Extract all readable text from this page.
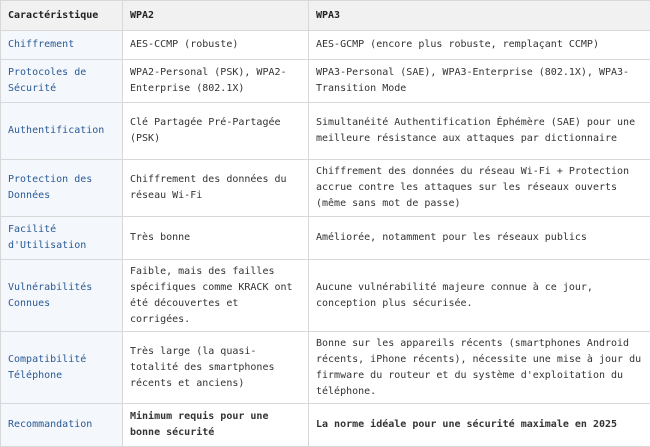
Caractéristique	WPA2	WPA3
Chiffrement	AES-CCMP (robuste)	AES-GCMP (encore plus robuste, remplaçant CCMP)
Protocoles de Sécurité	WPA2-Personal (PSK), WPA2-Enterprise (802.1X)	WPA3-Personal (SAE), WPA3-Enterprise (802.1X), WPA3-Transition Mode
Authentification	Clé Partagée Pré-Partagée (PSK)	Simultanéité Authentification Éphémère (SAE) pour une meilleure résistance aux attaques par dictionnaire
Protection des Données	Chiffrement des données du réseau Wi-Fi	Chiffrement des données du réseau Wi-Fi + Protection accrue contre les attaques sur les réseaux ouverts (même sans mot de passe)
Facilité d'Utilisation	Très bonne	Améliorée, notamment pour les réseaux publics
Vulnérabilités Connues	Faible, mais des failles spécifiques comme KRACK ont été découvertes et corrigées.	Aucune vulnérabilité majeure connue à ce jour, conception plus sécurisée.
Compatibilité Téléphone	Très large (la quasi-totalité des smartphones récents et anciens)	Bonne sur les appareils récents (smartphones Android récents, iPhone récents), nécessite une mise à jour du firmware du routeur et du système d'exploitation du téléphone.
Recommandation	Minimum requis pour une bonne sécurité	La norme idéale pour une sécurité maximale en 2025
